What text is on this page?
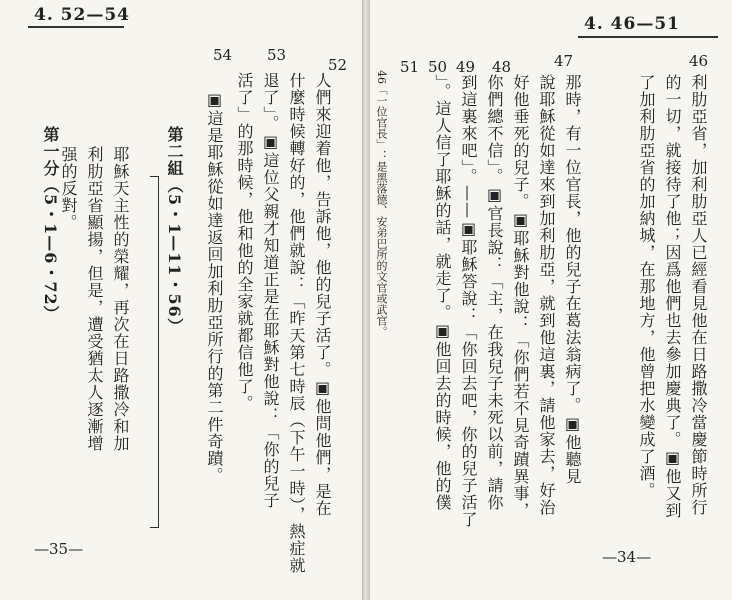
4. 52—54
54 53
52
人們來迎着他，告訴他，他的兒子活了。▣他問他們，是在
什麼時候轉好的，他們就說：「昨天第七時辰（下午一時），熱症就
退了」。▣這位父親才知道正是在耶穌對他說：「你的兒子
活了」的那時候，他和他的全家就都信他了。
▣這是耶穌從如達返回加利肋亞所行的第二件奇蹟。
第二組（5・1—11・56）
耶穌天主性的榮耀，再次在日路撒冷和加
利肋亞省顯揚，但是，遭受猶太人逐漸增
强的反對。
第一分（5・1—6・72）
—35—
4. 46—51
46
47
48
49
50
51
利肋亞省，加利肋亞人已經看見他在日路撒冷當慶節時所行
的一切，就接待了他；因爲他們也去參加慶典了。▣他又到
了加利肋亞省的加納城，在那地方，他曾把水變成了酒。
那時，有一位官長，他的兒子在葛法翁病了。▣他聽見
說耶穌從如達來到加利肋亞，就到他這裏，請他家去，好治
好他垂死的兒子。▣耶穌對他說：「你們若不見奇蹟異事，
你們總不信」。▣官長說：「主，在我兒子未死以前，請你
到這裏來吧」。——▣耶穌答說：「你回去吧，你的兒子活了
」。這人信了耶穌的話，就走了。▣他回去的時候，他的僕
46「一位官長」：是黑落德、安弟巴所的文官或武官。
—34—
